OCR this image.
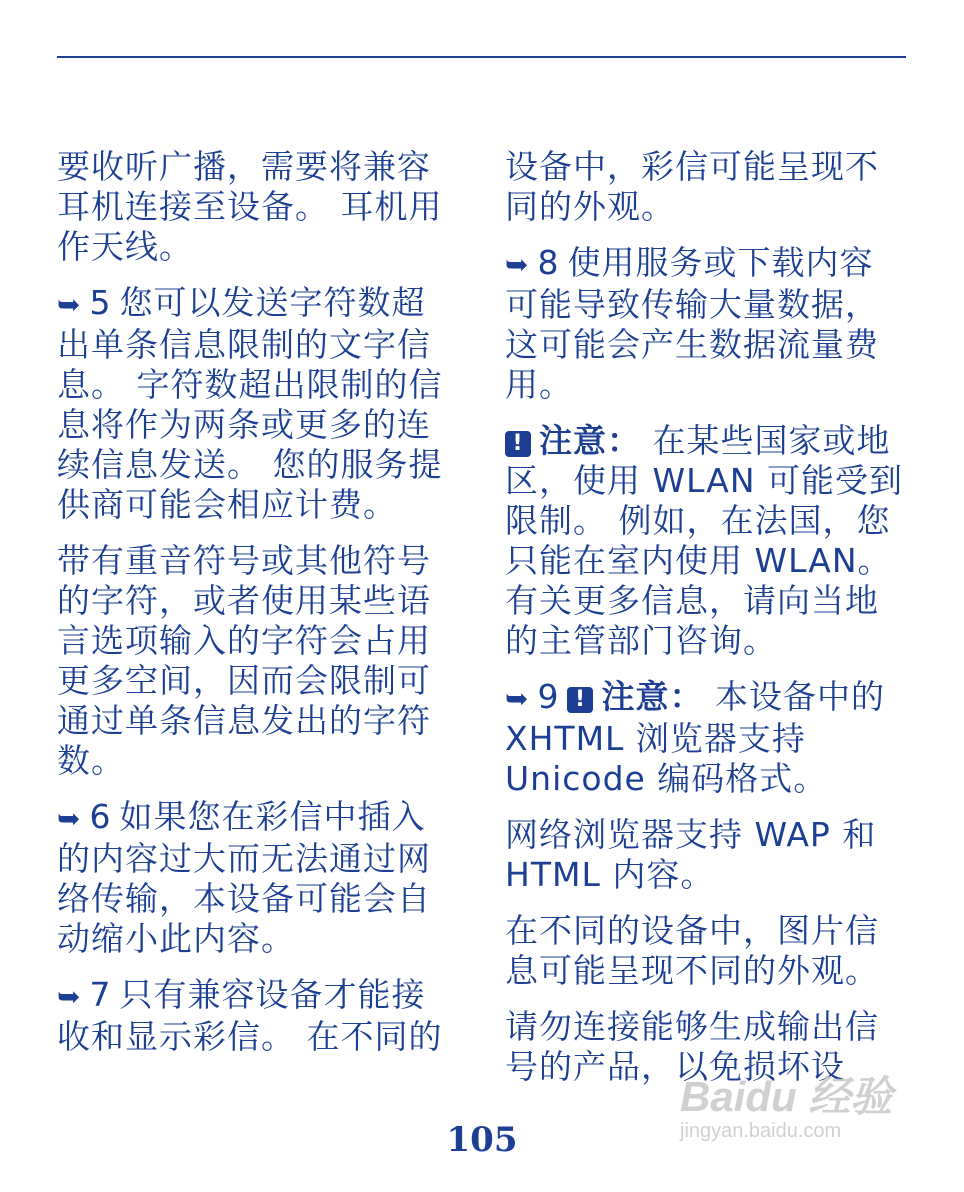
要收听广播，需要将兼容耳机连接至设备。 耳机用作天线。

➥ 5 您可以发送字符数超出单条信息限制的文字信息。 字符数超出限制的信息将作为两条或更多的连续信息发送。 您的服务提供商可能会相应计费。

带有重音符号或其他符号的字符，或者使用某些语言选项输入的字符会占用更多空间，因而会限制可通过单条信息发出的字符数。

➥ 6 如果您在彩信中插入的内容过大而无法通过网络传输，本设备可能会自动缩小此内容。

➥ 7 只有兼容设备才能接收和显示彩信。 在不同的

设备中，彩信可能呈现不同的外观。

➥ 8 使用服务或下载内容可能导致传输大量数据，这可能会产生数据流量费用。

! 注意： 在某些国家或地区，使用 WLAN 可能受到限制。 例如，在法国，您只能在室内使用 WLAN。 有关更多信息，请向当地的主管部门咨询。

➥ 9 ! 注意： 本设备中的 XHTML 浏览器支持 Unicode 编码格式。

网络浏览器支持 WAP 和 HTML 内容。

在不同的设备中，图片信息可能呈现不同的外观。

请勿连接能够生成输出信号的产品，以免损坏设

105
Baidu 经验
jingyan.baidu.com
